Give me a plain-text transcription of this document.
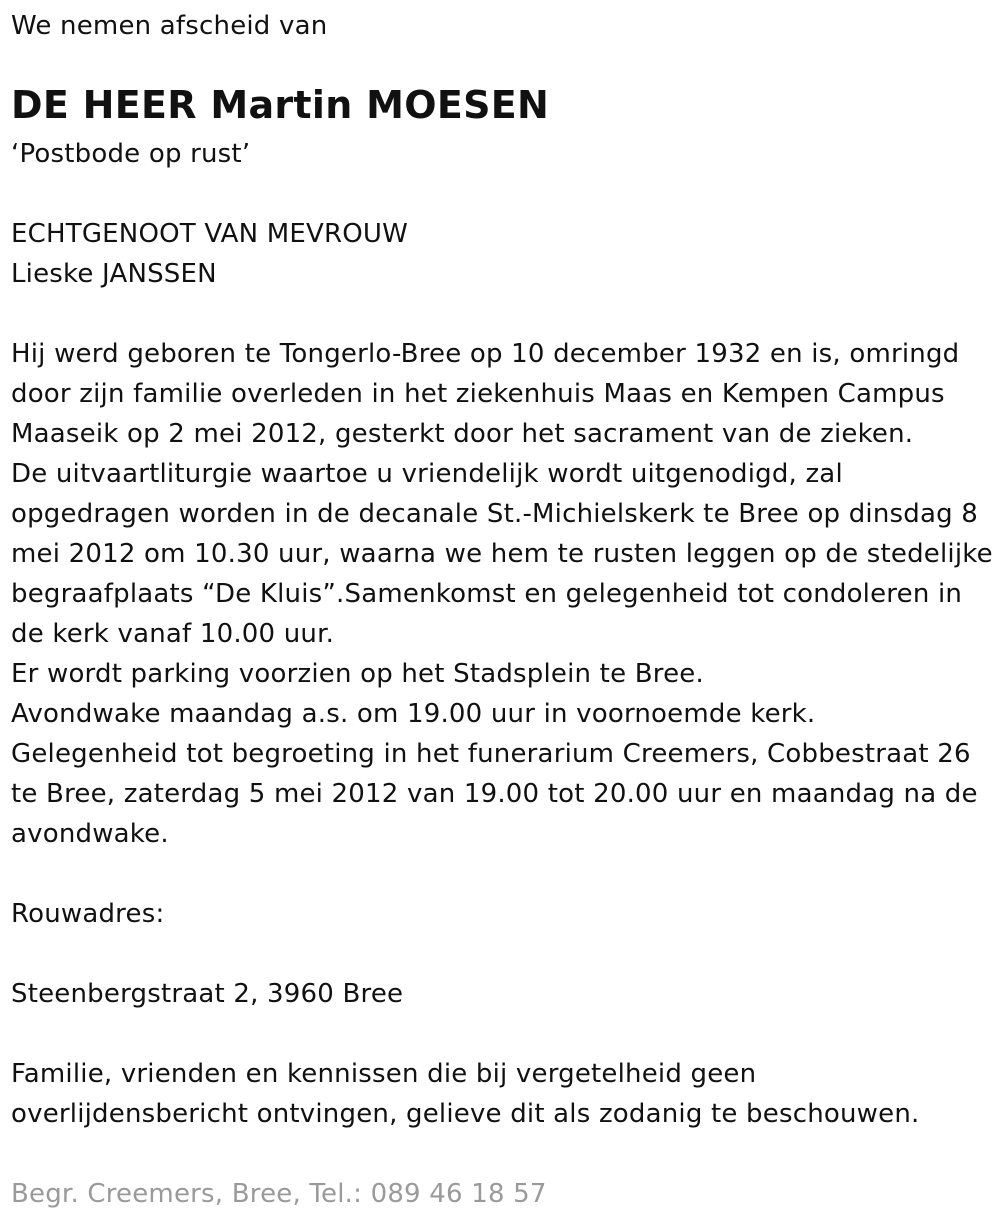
We nemen afscheid van
DE HEER Martin MOESEN
‘Postbode op rust’
ECHTGENOOT VAN MEVROUW
Lieske JANSSEN
Hij werd geboren te Tongerlo-Bree op 10 december 1932 en is, omringd
door zijn familie overleden in het ziekenhuis Maas en Kempen Campus
Maaseik op 2 mei 2012, gesterkt door het sacrament van de zieken.
De uitvaartliturgie waartoe u vriendelijk wordt uitgenodigd, zal
opgedragen worden in de decanale St.-Michielskerk te Bree op dinsdag 8
mei 2012 om 10.30 uur, waarna we hem te rusten leggen op de stedelijke
begraafplaats “De Kluis”.Samenkomst en gelegenheid tot condoleren in
de kerk vanaf 10.00 uur.
Er wordt parking voorzien op het Stadsplein te Bree.
Avondwake maandag a.s. om 19.00 uur in voornoemde kerk.
Gelegenheid tot begroeting in het funerarium Creemers, Cobbestraat 26
te Bree, zaterdag 5 mei 2012 van 19.00 tot 20.00 uur en maandag na de
avondwake.
Rouwadres:
Steenbergstraat 2, 3960 Bree
Familie, vrienden en kennissen die bij vergetelheid geen
overlijdensbericht ontvingen, gelieve dit als zodanig te beschouwen.
Begr. Creemers, Bree, Tel.: 089 46 18 57
